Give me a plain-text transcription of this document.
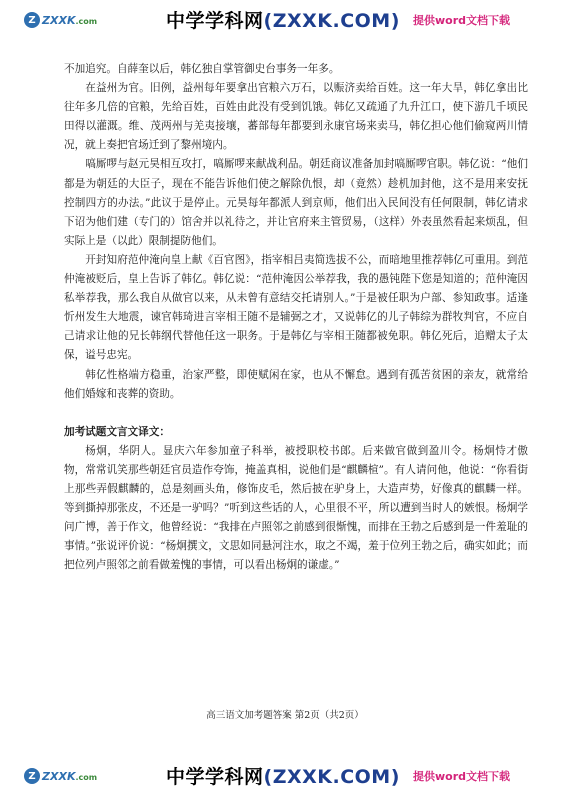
Z ZXXK.com	中学学科网(ZXXK.COM) 提供word文档下载

不加追究。自薛奎以后，韩亿独自掌管御史台事务一年多。

在益州为官。旧例，益州每年要拿出官粮六万石，以赈济卖给百姓。这一年大旱，韩亿拿出比往年多几倍的官粮，先给百姓，百姓由此没有受到饥饿。韩亿又疏通了九升江口，使下游几千顷民田得以灌溉。维、茂两州与羌夷接壤，蕃部每年都要到永康官场来卖马，韩亿担心他们偷窥两川情况，就上奏把官场迁到了黎州境内。

嗃厮啰与赵元昊相互攻打，嗃厮啰来献战利品。朝廷商议准备加封嗃厮啰官职。韩亿说：“他们都是为朝廷的大臣子，现在不能告诉他们使之解除仇恨，却（竟然）趁机加封他，这不是用来安抚控制四方的办法。”此议于是停止。元昊每年都派人到京师，他们出入民间没有任何限制，韩亿请求下诏为他们建（专门的）馆舍并以礼待之，并让官府来主管贸易，（这样）外表虽然看起来烦乱，但实际上是（以此）限制提防他们。

开封知府范仲淹向皇上献《百官图》，指宰相吕夷简选拔不公，而暗地里推荐韩亿可重用。到范仲淹被贬后，皇上告诉了韩亿。韩亿说：“范仲淹因公举荐我，我的愚钝陛下您是知道的；范仲淹因私举荐我，那么我自从做官以来，从未曾有意结交托请别人。”于是被任职为户部、参知政事。适逢忻州发生大地震，谏官韩琦进言宰相王随不是辅弼之才，又说韩亿的儿子韩综为群牧判官，不应自己请求让他的兄长韩纲代替他任这一职务。于是韩亿与宰相王随都被免职。韩亿死后，追赠太子太保，谥号忠宪。

韩亿性格端方稳重，治家严整，即使赋闲在家，也从不懈怠。遇到有孤苦贫困的亲友，就常给他们婚嫁和丧葬的资助。

加考试题文言文译文：

杨炯，华阴人。显庆六年参加童子科举，被授职校书郎。后来做官做到盈川令。杨炯恃才傲物，常常讥笑那些朝廷官员造作夸饰，掩盖真相，说他们是“麒麟楦”。有人请问他，他说：“你看街上那些弄假麒麟的，总是刻画头角，修饰皮毛，然后披在驴身上，大造声势，好像真的麒麟一样。等到撕掉那张皮，不还是一驴吗？”听到这些话的人，心里很不平，所以遭到当时人的嫉恨。杨炯学问广博，善于作文，他曾经说：“我排在卢照邻之前感到很惭愧，而排在王勃之后感到是一件羞耻的事情。”张说评价说：“杨炯撰文，文思如同悬河注水，取之不竭，羞于位列王勃之后，确实如此；而把位列卢照邻之前看做羞愧的事情，可以看出杨炯的谦虚。”

高三语文加考题答案 第2页（共2页）
Z ZXXK.com	中学学科网(ZXXK.COM) 提供word文档下载
